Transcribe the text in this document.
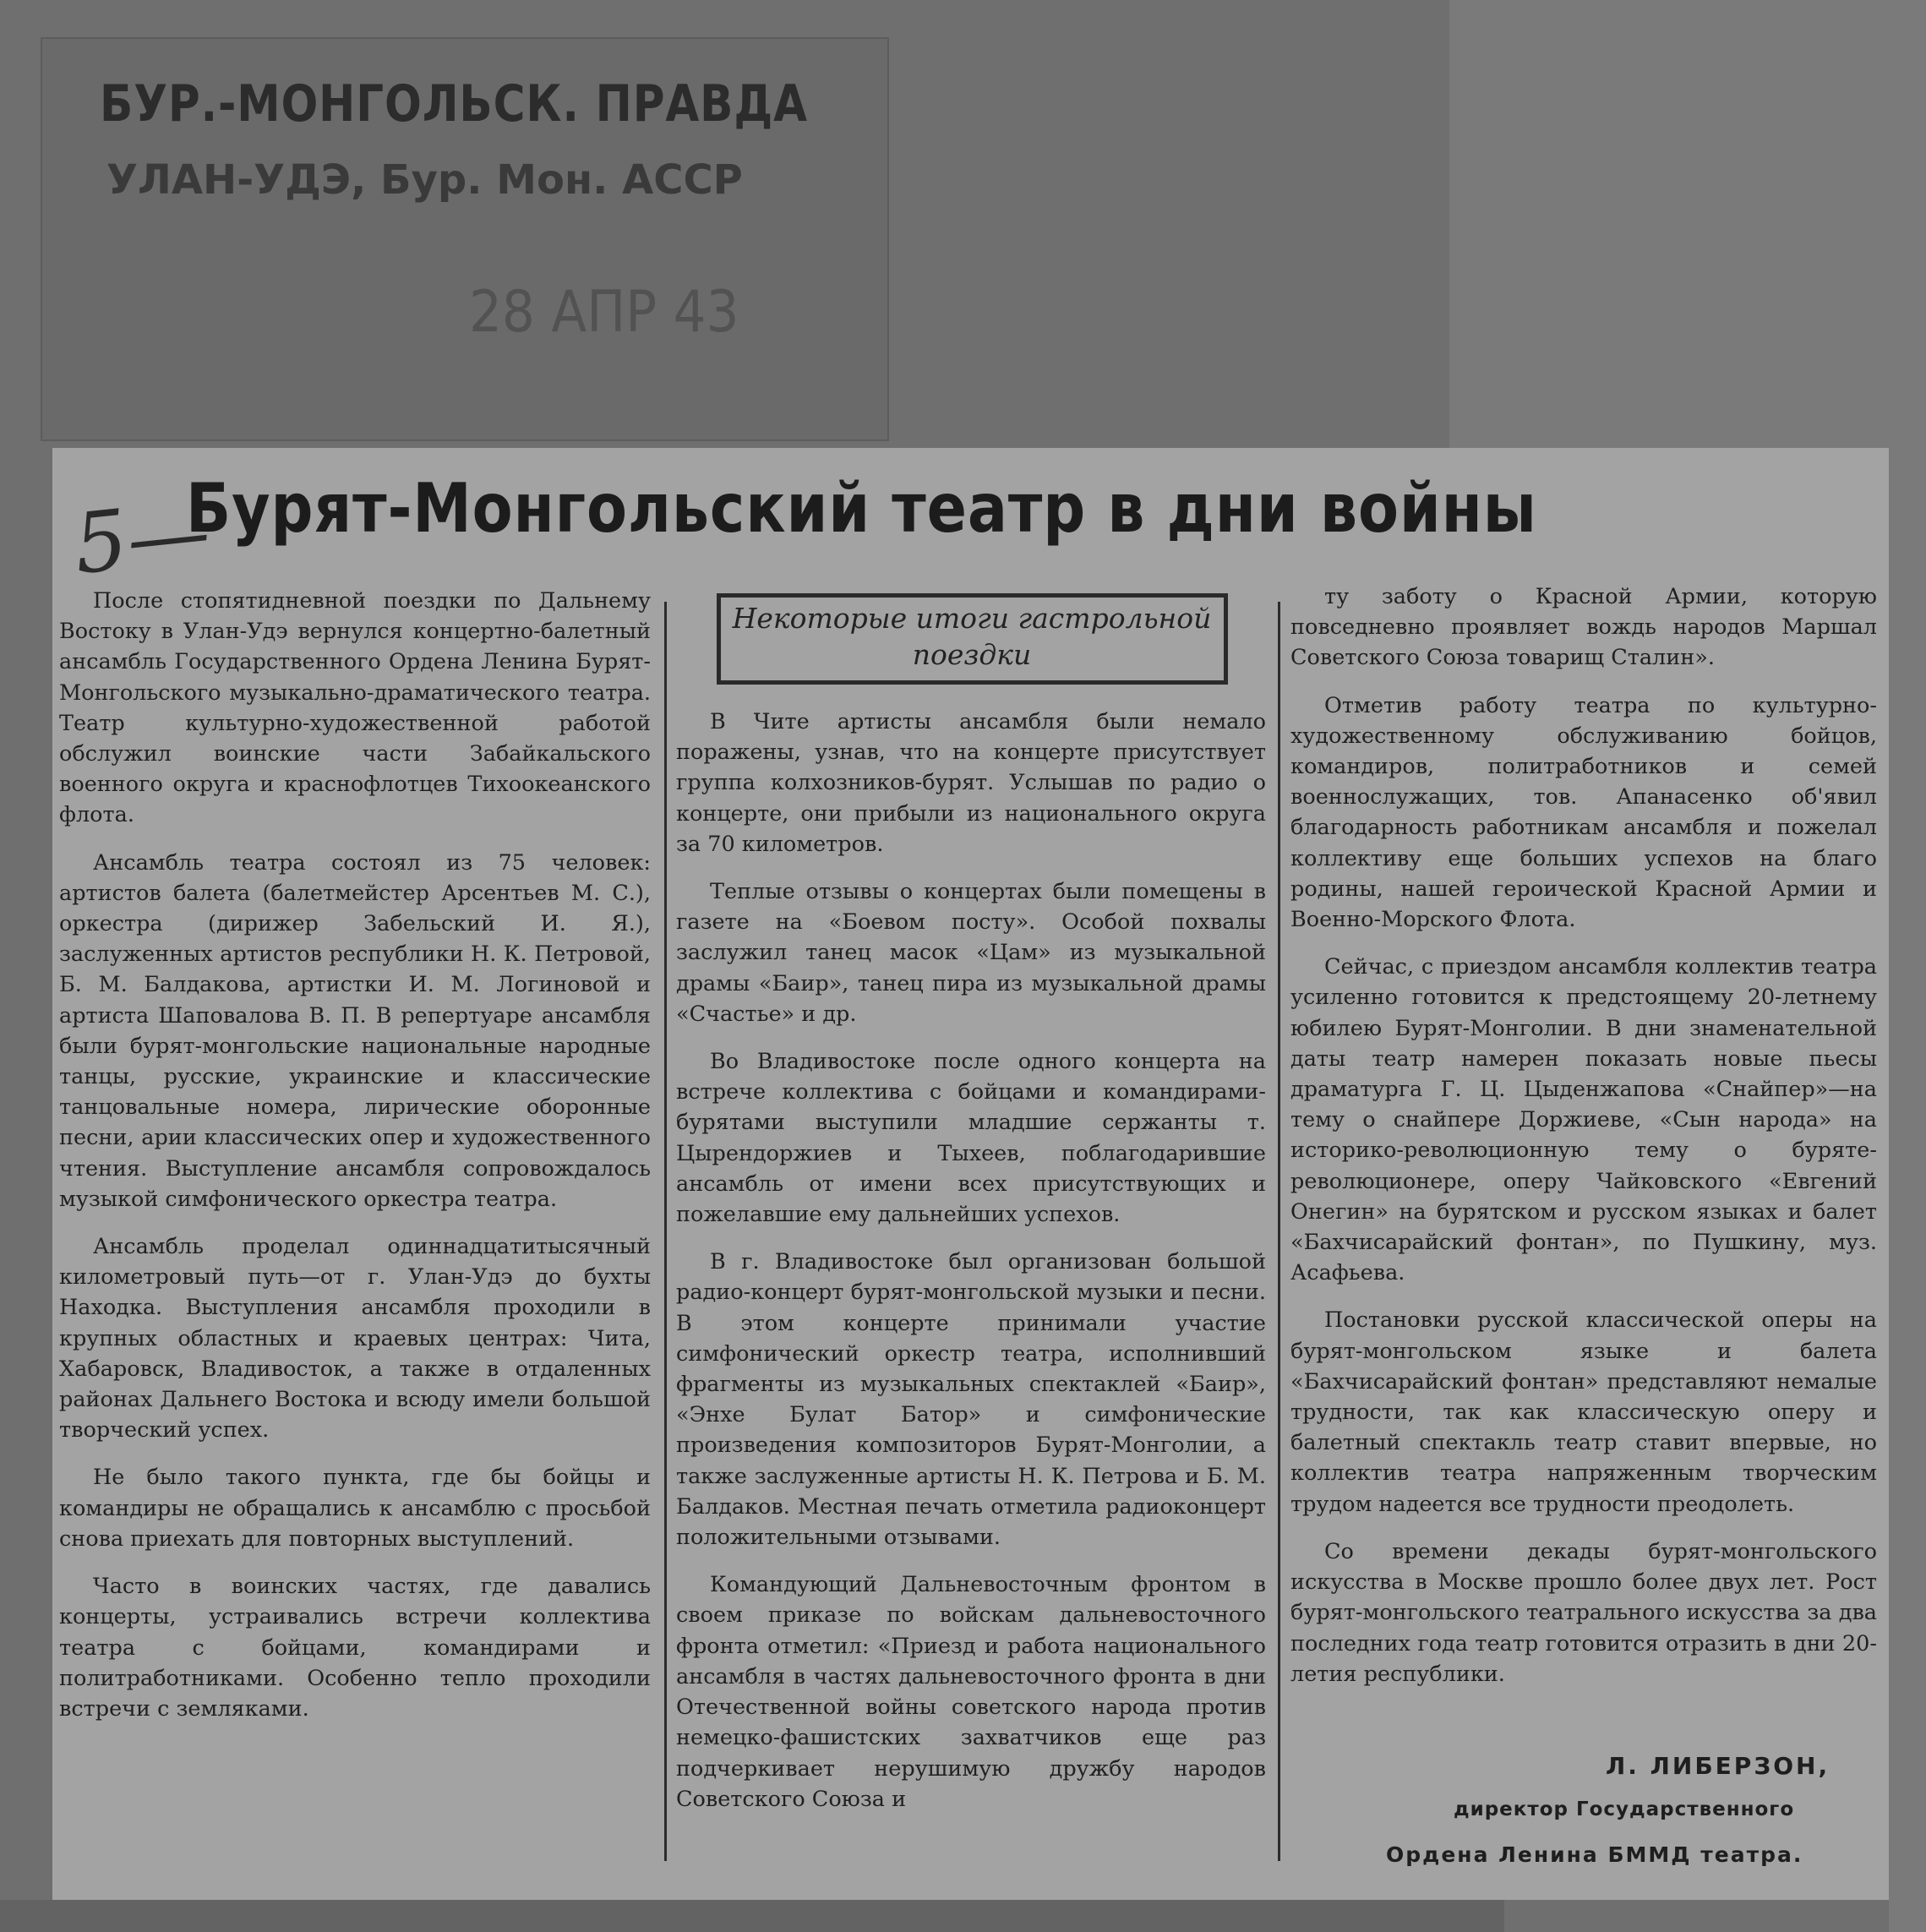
БУР.-МОНГОЛЬСК. ПРАВДА
УЛАН-УДЭ, Бур. Мон. АССР
28 АПР 43
5—
Бурят-Монгольский театр в дни войны
Некоторые итоги гастрольной поездки

После стопятидневной поездки по Дальнему Востоку в Улан-Удэ вернулся концертно-балетный ансамбль Государственного Ордена Ленина Бурят-Монгольского музыкально-драматического театра. Театр культурно-художественной работой обслужил воинские части Забайкальского военного округа и краснофлотцев Тихоокеанского флота.

Ансамбль театра состоял из 75 человек: артистов балета (балетмейстер Арсентьев М. С.), оркестра (дирижер Забельский И. Я.), заслуженных артистов республики Н. К. Петровой, Б. М. Балдакова, артистки И. М. Логиновой и артиста Шаповалова В. П. В репертуаре ансамбля были бурят-монгольские национальные народные танцы, русские, украинские и классические танцовальные номера, лирические оборонные песни, арии классических опер и художественного чтения. Выступление ансамбля сопровождалось музыкой симфонического оркестра театра.

Ансамбль проделал одиннадцатитысячный километровый путь—от г. Улан-Удэ до бухты Находка. Выступления ансамбля проходили в крупных областных и краевых центрах: Чита, Хабаровск, Владивосток, а также в отдаленных районах Дальнего Востока и всюду имели большой творческий успех.

Не было такого пункта, где бы бойцы и командиры не обращались к ансамблю с просьбой снова приехать для повторных выступлений.

Часто в воинских частях, где давались концерты, устраивались встречи коллектива театра с бойцами, командирами и политработниками. Особенно тепло проходили встречи с земляками.

В Чите артисты ансамбля были немало поражены, узнав, что на концерте присутствует группа колхозников-бурят. Услышав по радио о концерте, они прибыли из национального округа за 70 километров.

Теплые отзывы о концертах были помещены в газете на «Боевом посту». Особой похвалы заслужил танец масок «Цам» из музыкальной драмы «Баир», танец пира из музыкальной драмы «Счастье» и др.

Во Владивостоке после одного концерта на встрече коллектива с бойцами и командирами-бурятами выступили младшие сержанты т. Цырендоржиев и Тыхеев, поблагодарившие ансамбль от имени всех присутствующих и пожелавшие ему дальнейших успехов.

В г. Владивостоке был организован большой радио-концерт бурят-монгольской музыки и песни. В этом концерте принимали участие симфонический оркестр театра, исполнивший фрагменты из музыкальных спектаклей «Баир», «Энхе Булат Батор» и симфонические произведения композиторов Бурят-Монголии, а также заслуженные артисты Н. К. Петрова и Б. М. Балдаков. Местная печать отметила радиоконцерт положительными отзывами.

Командующий Дальневосточным фронтом в своем приказе по войскам дальневосточного фронта отметил: «Приезд и работа национального ансамбля в частях дальневосточного фронта в дни Отечественной войны советского народа против немецко-фашистских захватчиков еще раз подчеркивает нерушимую дружбу народов Советского Союза и

ту заботу о Красной Армии, которую повседневно проявляет вождь народов Маршал Советского Союза товарищ Сталин».

Отметив работу театра по культурно-художественному обслуживанию бойцов, командиров, политработников и семей военнослужащих, тов. Апанасенко об'явил благодарность работникам ансамбля и пожелал коллективу еще больших успехов на благо родины, нашей героической Красной Армии и Военно-Морского Флота.

Сейчас, с приездом ансамбля коллектив театра усиленно готовится к предстоящему 20-летнему юбилею Бурят-Монголии. В дни знаменательной даты театр намерен показать новые пьесы драматурга Г. Ц. Цыденжапова «Снайпер»—на тему о снайпере Доржиеве, «Сын народа» на историко-революционную тему о буряте-революционере, оперу Чайковского «Евгений Онегин» на бурятском и русском языках и балет «Бахчисарайский фонтан», по Пушкину, муз. Асафьева.

Постановки русской классической оперы на бурят-монгольском языке и балета «Бахчисарайский фонтан» представляют немалые трудности, так как классическую оперу и балетный спектакль театр ставит впервые, но коллектив театра напряженным творческим трудом надеется все трудности преодолеть.

Со времени декады бурят-монгольского искусства в Москве прошло более двух лет. Рост бурят-монгольского театрального искусства за два последних года театр готовится отразить в дни 20-летия республики.

Л. ЛИБЕРЗОН,
директор Государственного
Ордена Ленина БММД театра.
